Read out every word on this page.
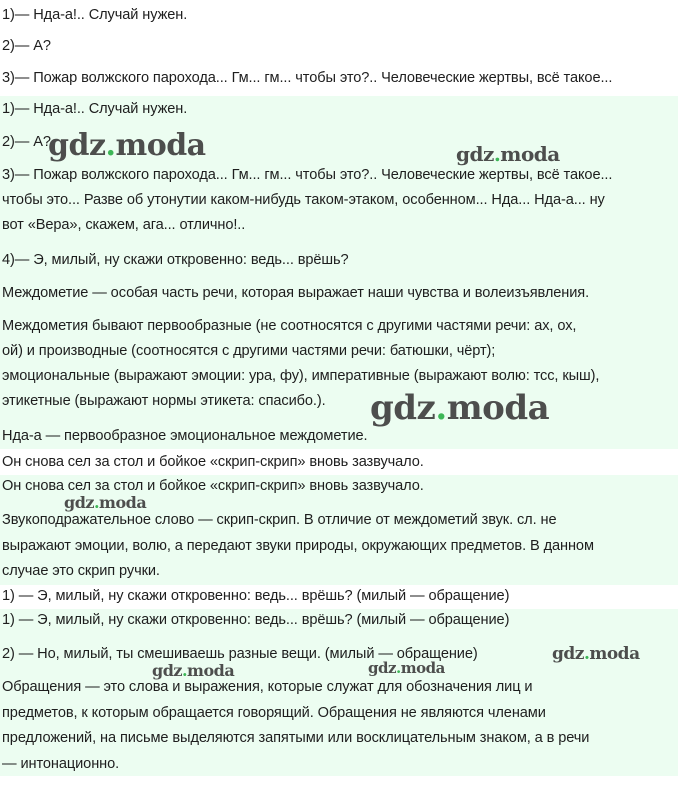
1)— Нда-а!.. Случай нужен.
2)— А?
3)— Пожар волжского парохода... Гм... гм... чтобы это?.. Человеческие жертвы, всё такое...
1)— Нда-а!.. Случай нужен.
2)— А?
3)— Пожар волжского парохода... Гм... гм... чтобы это?.. Человеческие жертвы, всё такое...
чтобы это... Разве об утонутии каком-нибудь таком-этаком, особенном... Нда... Нда-а... ну
вот «Вера», скажем, ага... отлично!..
4)— Э, милый, ну скажи откровенно: ведь... врёшь?
Междометие — особая часть речи, которая выражает наши чувства и волеизъявления.
Междометия бывают первообразные (не соотносятся с другими частями речи: ах, ох,
ой) и производные (соотносятся с другими частями речи: батюшки, чёрт);
эмоциональные (выражают эмоции: ура, фу), императивные (выражают волю: тсс, кыш),
этикетные (выражают нормы этикета: спасибо.).
Нда-а — первообразное эмоциональное междометие.
Он снова сел за стол и бойкое «скрип-скрип» вновь зазвучало.
Он снова сел за стол и бойкое «скрип-скрип» вновь зазвучало.
Звукоподражательное слово — скрип-скрип. В отличие от междометий звук. сл. не
выражают эмоции, волю, а передают звуки природы, окружающих предметов. В данном
случае это скрип ручки.
1) — Э, милый, ну скажи откровенно: ведь... врёшь? (милый — обращение)
1) — Э, милый, ну скажи откровенно: ведь... врёшь? (милый — обращение)
2) — Но, милый, ты смешиваешь разные вещи. (милый — обращение)
Обращения — это слова и выражения, которые служат для обозначения лиц и
предметов, к которым обращается говорящий. Обращения не являются членами
предложений, на письме выделяются запятыми или восклицательным знаком, а в речи
— интонационно.
gdz.moda	gdz.moda
gdz.moda
gdz.moda
gdz.moda
gdz.moda	gdz.moda
